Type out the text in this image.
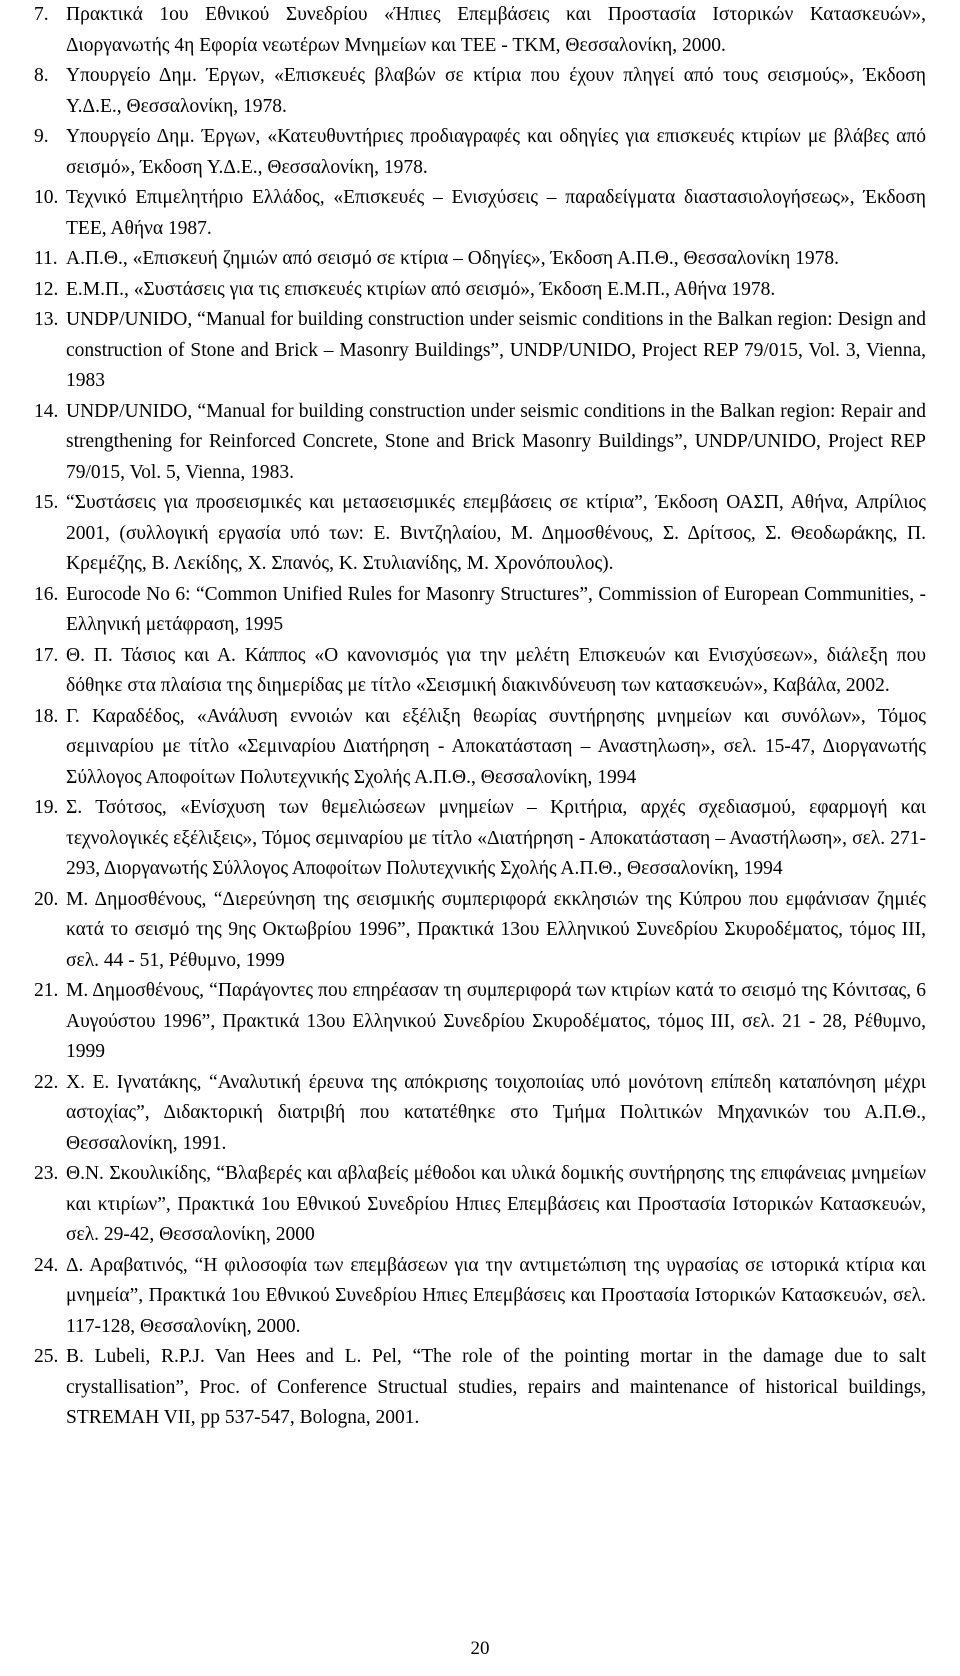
7. Πρακτικά 1ου Εθνικού Συνεδρίου «Ήπιες Επεμβάσεις και Προστασία Ιστορικών Κατασκευών», Διοργανωτής 4η Εφορία νεωτέρων Μνημείων και ΤΕΕ - ΤΚΜ, Θεσσαλονίκη, 2000.
8. Υπουργείο Δημ. Έργων, «Επισκευές βλαβών σε κτίρια που έχουν πληγεί από τους σεισμούς», Έκδοση Υ.Δ.Ε., Θεσσαλονίκη, 1978.
9. Υπουργείο Δημ. Έργων, «Κατευθυντήριες προδιαγραφές και οδηγίες για επισκευές κτιρίων με βλάβες από σεισμό», Έκδοση Υ.Δ.Ε., Θεσσαλονίκη, 1978.
10. Τεχνικό Επιμελητήριο Ελλάδος, «Επισκευές – Ενισχύσεις – παραδείγματα διαστασιολογήσεως», Έκδοση ΤΕΕ, Αθήνα 1987.
11. Α.Π.Θ., «Επισκευή ζημιών από σεισμό σε κτίρια – Οδηγίες», Έκδοση Α.Π.Θ., Θεσσαλονίκη 1978.
12. Ε.Μ.Π., «Συστάσεις για τις επισκευές κτιρίων από σεισμό», Έκδοση Ε.Μ.Π., Αθήνα 1978.
13. UNDP/UNIDO, “Manual for building construction under seismic conditions in the Balkan region: Design and construction of Stone and Brick – Masonry Buildings”, UNDP/UNIDO, Project REP 79/015, Vol. 3, Vienna, 1983
14. UNDP/UNIDO, “Manual for building construction under seismic conditions in the Balkan region: Repair and strengthening for Reinforced Concrete, Stone and Brick Masonry Buildings”, UNDP/UNIDO, Project REP 79/015, Vol. 5, Vienna, 1983.
15. “Συστάσεις για προσεισμικές και μετασεισμικές επεμβάσεις σε κτίρια”, Έκδοση ΟΑΣΠ, Αθήνα, Απρίλιος 2001, (συλλογική εργασία υπό των: Ε. Βιντζηλαίου, Μ. Δημοσθένους, Σ. Δρίτσος, Σ. Θεοδωράκης, Π. Κρεμέζης, Β. Λεκίδης, Χ. Σπανός, Κ. Στυλιανίδης, Μ. Χρονόπουλος).
16. Eurocode No 6: “Common Unified Rules for Masonry Structures”, Commission of European Communities, - Ελληνική μετάφραση, 1995
17. Θ. Π. Τάσιος και Α. Κάππος «Ο κανονισμός για την μελέτη Επισκευών και Ενισχύσεων», διάλεξη που δόθηκε στα πλαίσια της διημερίδας με τίτλο «Σεισμική διακινδύνευση των κατασκευών», Καβάλα, 2002.
18. Γ. Καραδέδος, «Ανάλυση εννοιών και εξέλιξη θεωρίας συντήρησης μνημείων και συνόλων», Τόμος σεμιναρίου με τίτλο «Σεμιναρίου Διατήρηση - Αποκατάσταση – Αναστηλωση», σελ. 15-47, Διοργανωτής Σύλλογος Αποφοίτων Πολυτεχνικής Σχολής Α.Π.Θ., Θεσσαλονίκη, 1994
19. Σ. Τσότσος, «Ενίσχυση των θεμελιώσεων μνημείων – Κριτήρια, αρχές σχεδιασμού, εφαρμογή και τεχνολογικές εξέλιξεις», Τόμος σεμιναρίου με τίτλο «Διατήρηση - Αποκατάσταση – Αναστήλωση», σελ. 271-293, Διοργανωτής Σύλλογος Αποφοίτων Πολυτεχνικής Σχολής Α.Π.Θ., Θεσσαλονίκη, 1994
20. Μ. Δημοσθένους, “Διερεύνηση της σεισμικής συμπεριφορά εκκλησιών της Κύπρου που εμφάνισαν ζημιές κατά το σεισμό της 9ης Οκτωβρίου 1996”, Πρακτικά 13ου Ελληνικού Συνεδρίου Σκυροδέματος, τόμος ΙΙΙ, σελ. 44 - 51, Ρέθυμνο, 1999
21. Μ. Δημοσθένους, “Παράγοντες που επηρέασαν τη συμπεριφορά των κτιρίων κατά το σεισμό της Κόνιτσας, 6 Αυγούστου 1996”, Πρακτικά 13ου Ελληνικού Συνεδρίου Σκυροδέματος, τόμος ΙΙΙ, σελ. 21 - 28, Ρέθυμνο, 1999
22. Χ. Ε. Ιγνατάκης, “Αναλυτική έρευνα της απόκρισης τοιχοποιίας υπό μονότονη επίπεδη καταπόνηση μέχρι αστοχίας”, Διδακτορική διατριβή που κατατέθηκε στο Τμήμα Πολιτικών Μηχανικών του Α.Π.Θ., Θεσσαλονίκη, 1991.
23. Θ.Ν. Σκουλικίδης, “Βλαβερές και αβλαβείς μέθοδοι και υλικά δομικής συντήρησης της επιφάνειας μνημείων και κτιρίων”, Πρακτικά 1ου Εθνικού Συνεδρίου Ηπιες Επεμβάσεις και Προστασία Ιστορικών Κατασκευών, σελ. 29-42, Θεσσαλονίκη, 2000
24. Δ. Αραβατινός, “Η φιλοσοφία των επεμβάσεων για την αντιμετώπιση της υγρασίας σε ιστορικά κτίρια και μνημεία”, Πρακτικά 1ου Εθνικού Συνεδρίου Ηπιες Επεμβάσεις και Προστασία Ιστορικών Κατασκευών, σελ. 117-128, Θεσσαλονίκη, 2000.
25. B. Lubeli, R.P.J. Van Hees and L. Pel, “The role of the pointing mortar in the damage due to salt crystallisation”, Proc. of Conference Structual studies, repairs and maintenance of historical buildings, STREMAH VII, pp 537-547, Bologna, 2001.
20
